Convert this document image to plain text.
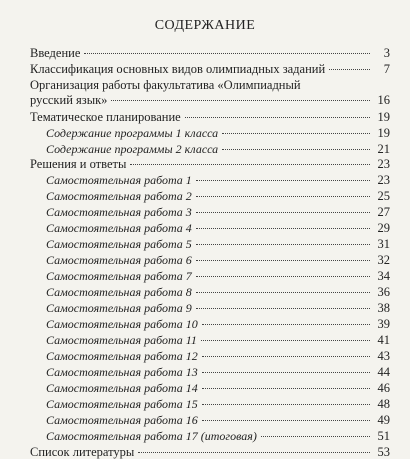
СОДЕРЖАНИЕ
Введение	3
Классификация основных видов олимпиадных заданий	7
Организация работы факультатива «Олимпиадный
русский язык»	16
Тематическое планирование	19
Содержание программы 1 класса	19
Содержание программы 2 класса	21
Решения и ответы	23
Самостоятельная работа 1	23
Самостоятельная работа 2	25
Самостоятельная работа 3	27
Самостоятельная работа 4	29
Самостоятельная работа 5	31
Самостоятельная работа 6	32
Самостоятельная работа 7	34
Самостоятельная работа 8	36
Самостоятельная работа 9	38
Самостоятельная работа 10	39
Самостоятельная работа 11	41
Самостоятельная работа 12	43
Самостоятельная работа 13	44
Самостоятельная работа 14	46
Самостоятельная работа 15	48
Самостоятельная работа 16	49
Самостоятельная работа 17 (итоговая)	51
Список литературы	53
